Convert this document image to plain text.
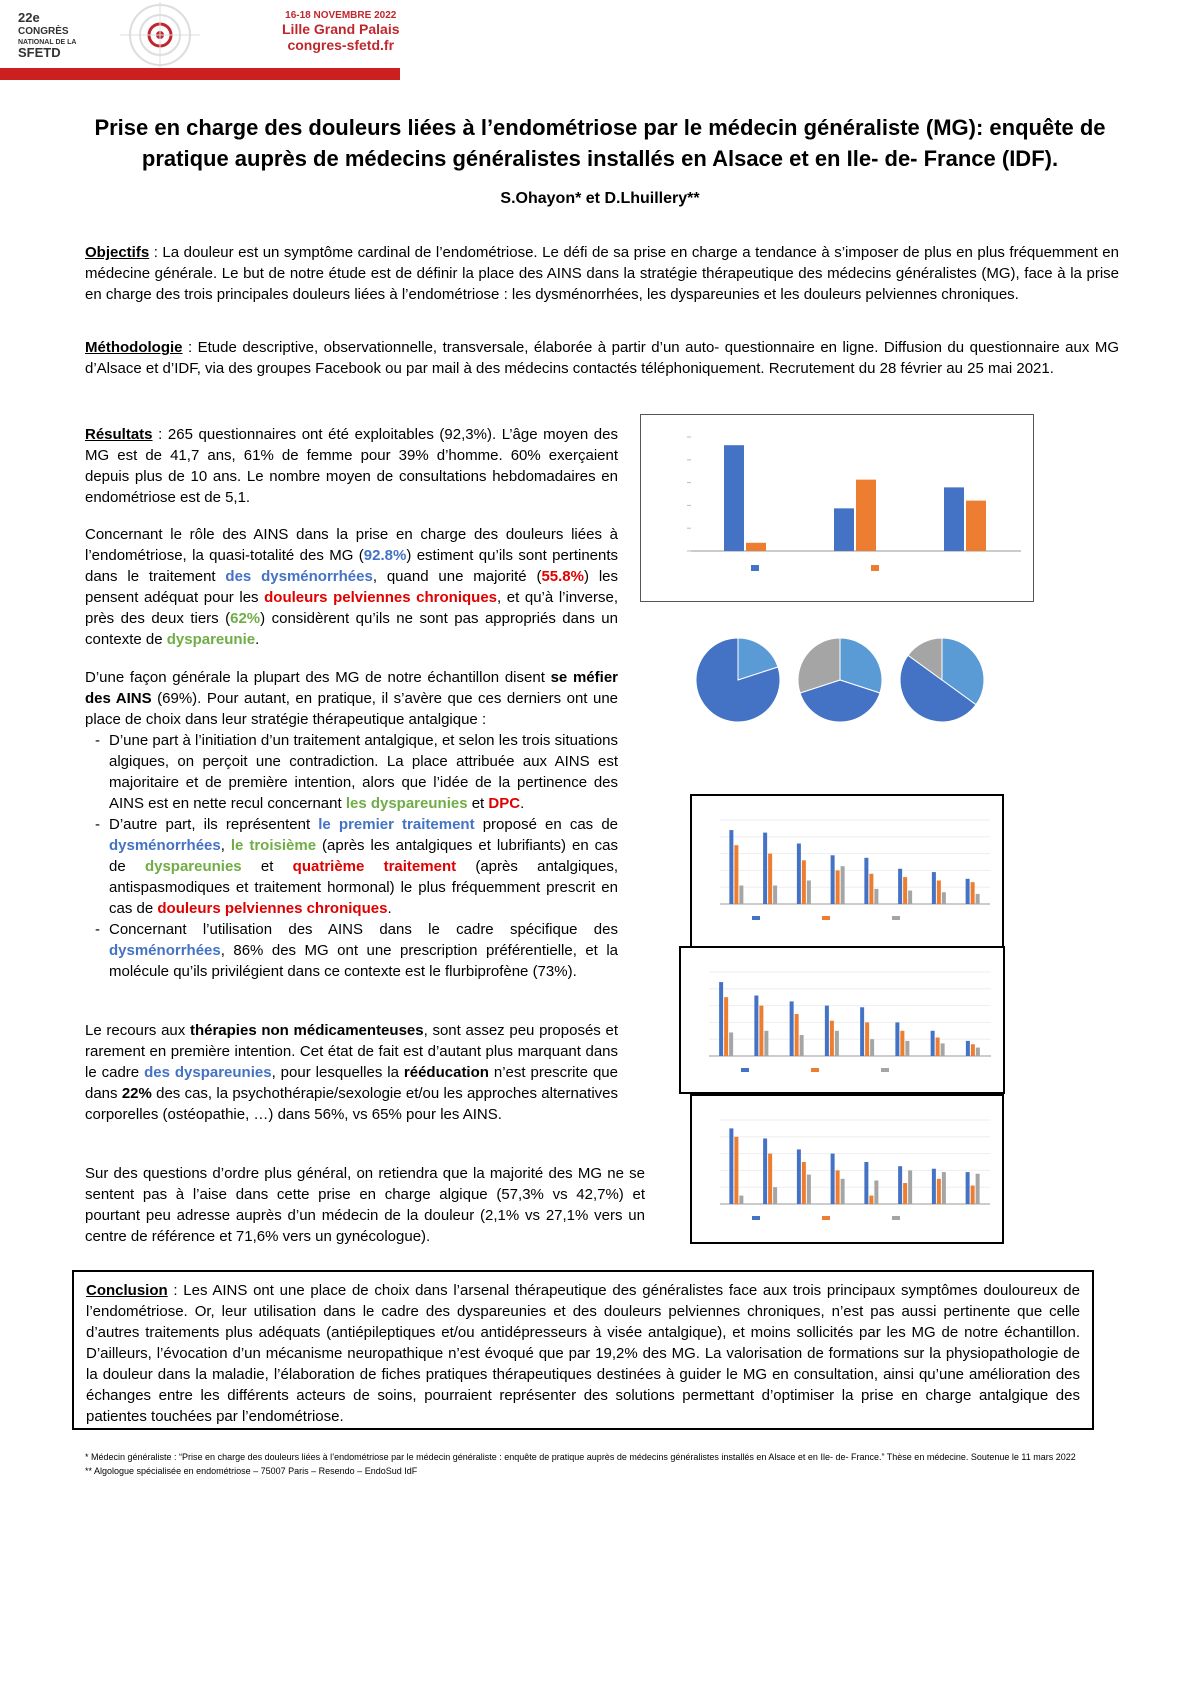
22e
CONGRÈS
NATIONAL DE LA
SFETD
16-18 NOVEMBRE 2022
Lille Grand Palais
congres-sfetd.fr
Prise en charge des douleurs liées à l’endométriose par le médecin généraliste (MG): enquête de pratique auprès de médecins généralistes installés en Alsace et en Ile- de- France (IDF).
S.Ohayon* et D.Lhuillery**
Objectifs : La douleur est un symptôme cardinal de l’endométriose. Le défi de sa prise en charge a tendance à s’imposer de plus en plus fréquemment en médecine générale. Le but de notre étude est de définir la place des AINS dans la stratégie thérapeutique des médecins généralistes (MG), face à la prise en charge des trois principales douleurs liées à l’endométriose : les dysménorrhées, les dyspareunies et les douleurs pelviennes chroniques.
Méthodologie : Etude descriptive, observationnelle, transversale, élaborée à partir d’un auto- questionnaire en ligne. Diffusion du questionnaire aux MG d’Alsace et d’IDF, via des groupes Facebook ou par mail à des médecins contactés téléphoniquement. Recrutement du 28 février au 25 mai 2021.
Résultats : 265 questionnaires ont été exploitables (92,3%). L’âge moyen des MG est de 41,7 ans, 61% de femme pour 39% d’homme. 60% exerçaient depuis plus de 10 ans. Le nombre moyen de consultations hebdomadaires en endométriose est de 5,1.
Concernant le rôle des AINS dans la prise en charge des douleurs liées à l’endométriose, la quasi-totalité des MG (92.8%) estiment qu’ils sont pertinents dans le traitement des dysménorrhées, quand une majorité (55.8%) les pensent adéquat pour les douleurs pelviennes chroniques, et qu’à l’inverse, près des deux tiers (62%) considèrent qu’ils ne sont pas appropriés dans un contexte de dyspareunie.
D’une façon générale la plupart des MG de notre échantillon disent se méfier des AINS (69%). Pour autant, en pratique, il s’avère que ces derniers ont une place de choix dans leur stratégie thérapeutique antalgique :
- D’une part à l’initiation d’un traitement antalgique, et selon les trois situations algiques, on perçoit une contradiction. La place attribuée aux AINS est majoritaire et de première intention, alors que l’idée de la pertinence des AINS est en nette recul concernant les dyspareunies et DPC.
- D’autre part, ils représentent le premier traitement proposé en cas de dysménorrhées, le troisième (après les antalgiques et lubrifiants) en cas de dyspareunies et quatrième traitement (après antalgiques, antispasmodiques et traitement hormonal) le plus fréquemment prescrit en cas de douleurs pelviennes chroniques.
- Concernant l’utilisation des AINS dans le cadre spécifique des dysménorrhées, 86% des MG ont une prescription préférentielle, et la molécule qu’ils privilégient dans ce contexte est le flurbiprofène (73%).
Le recours aux thérapies non médicamenteuses, sont assez peu proposés et rarement en première intention. Cet état de fait est d’autant plus marquant dans le cadre des dyspareunies, pour lesquelles la rééducation n’est prescrite que dans 22% des cas, la psychothérapie/sexologie et/ou les approches alternatives corporelles (ostéopathie, …) dans 56%, vs 65% pour les AINS.
Sur des questions d’ordre plus général, on retiendra que la majorité des MG ne se sentent pas à l’aise dans cette prise en charge algique (57,3% vs 42,7%) et pourtant peu adresse auprès d’un médecin de la douleur (2,1% vs 27,1% vers un centre de référence et 71,6% vers un gynécologue).
Conclusion : Les AINS ont une place de choix dans l’arsenal thérapeutique des généralistes face aux trois principaux symptômes douloureux de l’endométriose. Or, leur utilisation dans le cadre des dyspareunies et des douleurs pelviennes chroniques, n’est pas aussi pertinente que celle d’autres traitements plus adéquats (antiépileptiques et/ou antidépresseurs à visée antalgique), et moins sollicités par les MG de notre échantillon. D’ailleurs, l’évocation d’un mécanisme neuropathique n’est évoqué que par 19,2% des MG. La valorisation de formations sur la physiopathologie de la douleur dans la maladie, l’élaboration de fiches pratiques thérapeutiques destinées à guider le MG en consultation, ainsi qu’une amélioration des échanges entre les différents acteurs de soins, pourraient représenter des solutions permettant d’optimiser la prise en charge antalgique des patientes touchées par l’endométriose.
* Médecin généraliste : “Prise en charge des douleurs liées à l’endométriose par le médecin généraliste : enquête de pratique auprès de médecins généralistes installés en Alsace et en Ile- de- France.” Thèse en médecine. Soutenue le 11 mars 2022
** Algologue spécialisée en endométriose – 75007 Paris – Resendo – EndoSud IdF
